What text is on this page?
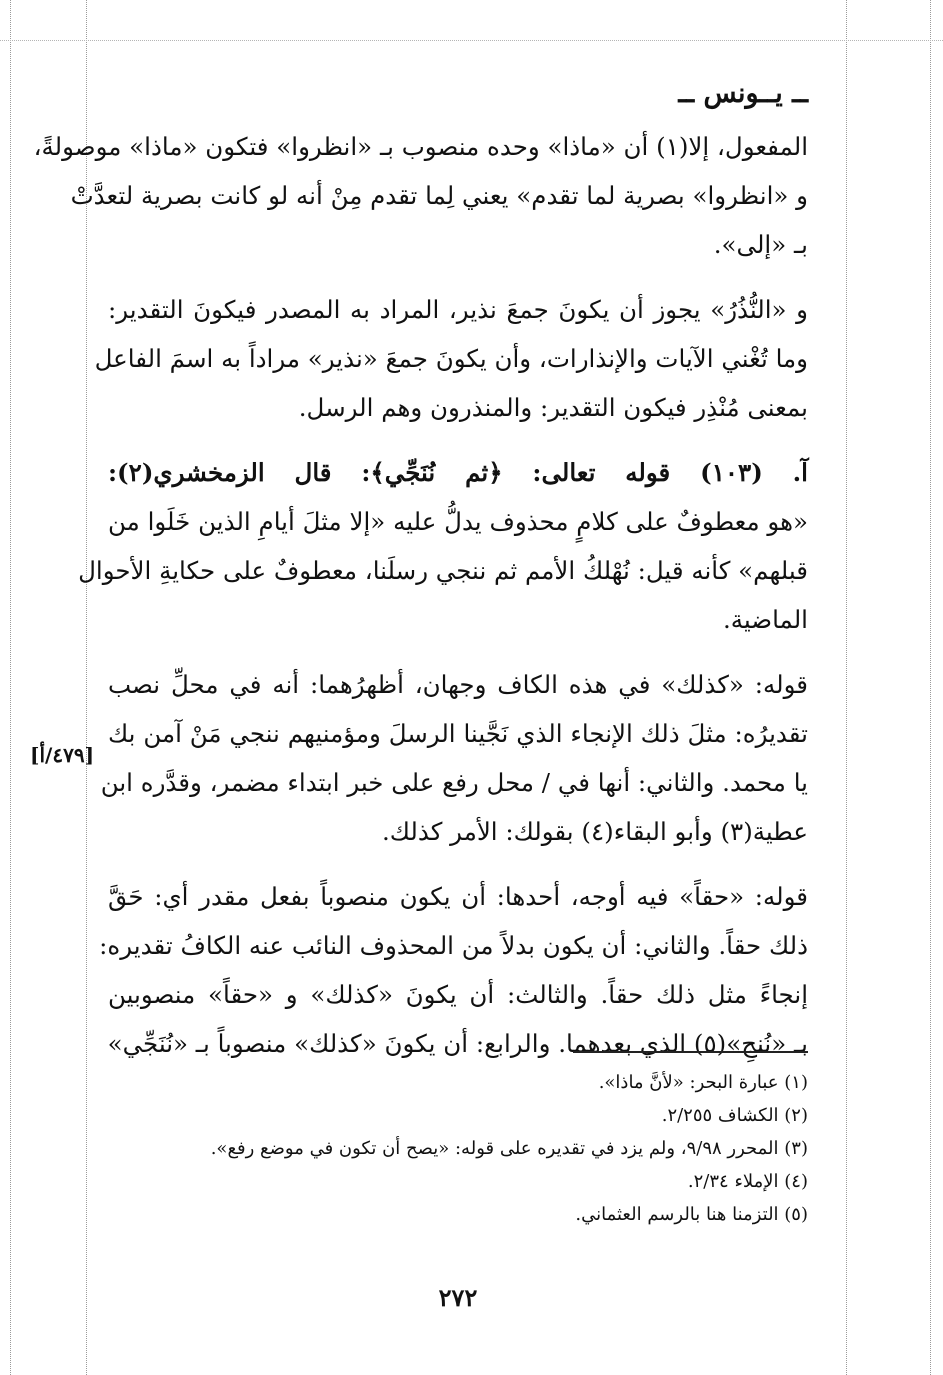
ــ يــونس ــ
المفعول، إلا(١) أن «ماذا» وحده منصوب بـ «انظروا» فتكون «ماذا» موصولةً،
و «انظروا» بصرية لما تقدم» يعني لِما تقدم مِنْ أنه لو كانت بصرية لتعدَّتْ
بـ «إلى».
و «النُّذُرُ» يجوز أن يكونَ جمعَ نذير، المراد به المصدر فيكونَ التقدير:
وما تُغْني الآيات والإنذارات، وأن يكونَ جمعَ «نذير» مراداً به اسمَ الفاعل
بمعنى مُنْذِر فيكون التقدير: والمنذرون وهم الرسل.
آ. (١٠٣) قوله تعالى: ﴿ثم نُنَجِّي﴾: قال الزمخشري(٢):
«هو معطوفٌ على كلامٍ محذوف يدلُّ عليه «إلا مثلَ أيامِ الذين خَلَوا من
قبلهم» كأنه قيل: نُهْلكُ الأمم ثم ننجي رسلَنا، معطوفٌ على حكايةِ الأحوال
الماضية.
قوله: «كذلك» في هذه الكاف وجهان، أظهرُهما: أنه في محلِّ نصب
تقديرُه: مثلَ ذلك الإنجاء الذي نَجَّينا الرسلَ ومؤمنيهم ننجي مَنْ آمن بك
يا محمد. والثاني: أنها في / محل رفع على خبر ابتداء مضمر، وقدَّره ابن
عطية(٣) وأبو البقاء(٤) بقولك: الأمر كذلك.
قوله: «حقاً» فيه أوجه، أحدها: أن يكون منصوباً بفعل مقدر أي: حَقَّ
ذلك حقاً. والثاني: أن يكون بدلاً من المحذوف النائب عنه الكافُ تقديره:
إنجاءً مثل ذلك حقاً. والثالث: أن يكونَ «كذلك» و «حقاً» منصوبين
بـ «نُنجِ»(٥) الذي بعدهما. والرابع: أن يكونَ «كذلك» منصوباً بـ «نُنَجِّي»
[٤٧٩/أ]
(١) عبارة البحر: «لأنَّ ماذا».
(٢) الكشاف ٢/٢٥٥.
(٣) المحرر ٩/٩٨، ولم يزد في تقديره على قوله: «يصح أن تكون في موضع رفع».
(٤) الإملاء ٢/٣٤.
(٥) التزمنا هنا بالرسم العثماني.
٢٧٢
